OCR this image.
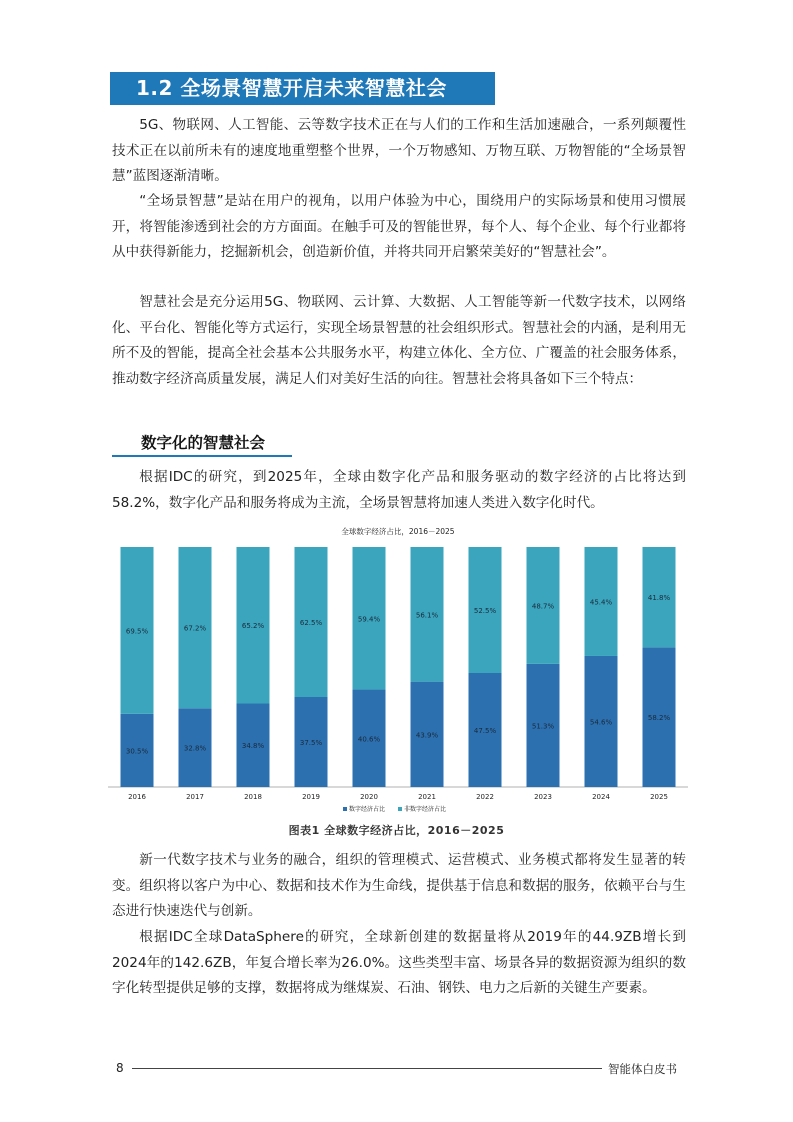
1.2 全场景智慧开启未来智慧社会

5G、物联网、人工智能、云等数字技术正在与人们的工作和生活加速融合，一系列颠覆性技术正在以前所未有的速度地重塑整个世界，一个万物感知、万物互联、万物智能的“全场景智慧”蓝图逐渐清晰。

“全场景智慧”是站在用户的视角，以用户体验为中心，围绕用户的实际场景和使用习惯展开，将智能渗透到社会的方方面面。在触手可及的智能世界，每个人、每个企业、每个行业都将从中获得新能力，挖掘新机会，创造新价值，并将共同开启繁荣美好的“智慧社会”。

智慧社会是充分运用5G、物联网、云计算、大数据、人工智能等新一代数字技术，以网络化、平台化、智能化等方式运行，实现全场景智慧的社会组织形式。智慧社会的内涵，是利用无所不及的智能，提高全社会基本公共服务水平，构建立体化、全方位、广覆盖的社会服务体系，推动数字经济高质量发展，满足人们对美好生活的向往。智慧社会将具备如下三个特点：

数字化的智慧社会

根据IDC的研究，到2025年，全球由数字化产品和服务驱动的数字经济的占比将达到58.2%，数字化产品和服务将成为主流，全场景智慧将加速人类进入数字化时代。

全球数字经济占比，2016－2025
30.5%
69.5%
2016
32.8%
67.2%
2017
34.8%
65.2%
2018
37.5%
62.5%
2019
40.6%
59.4%
2020
43.9%
56.1%
2021
47.5%
52.5%
2022
51.3%
48.7%
2023
54.6%
45.4%
2024
58.2%
41.8%
2025
数字经济占比	非数字经济占比
图表1 全球数字经济占比，2016－2025

新一代数字技术与业务的融合，组织的管理模式、运营模式、业务模式都将发生显著的转变。组织将以客户为中心、数据和技术作为生命线，提供基于信息和数据的服务，依赖平台与生态进行快速迭代与创新。

根据IDC全球DataSphere的研究，全球新创建的数据量将从2019年的44.9ZB增长到2024年的142.6ZB，年复合增长率为26.0%。这些类型丰富、场景各异的数据资源为组织的数字化转型提供足够的支撑，数据将成为继煤炭、石油、钢铁、电力之后新的关键生产要素。

8	智能体白皮书
